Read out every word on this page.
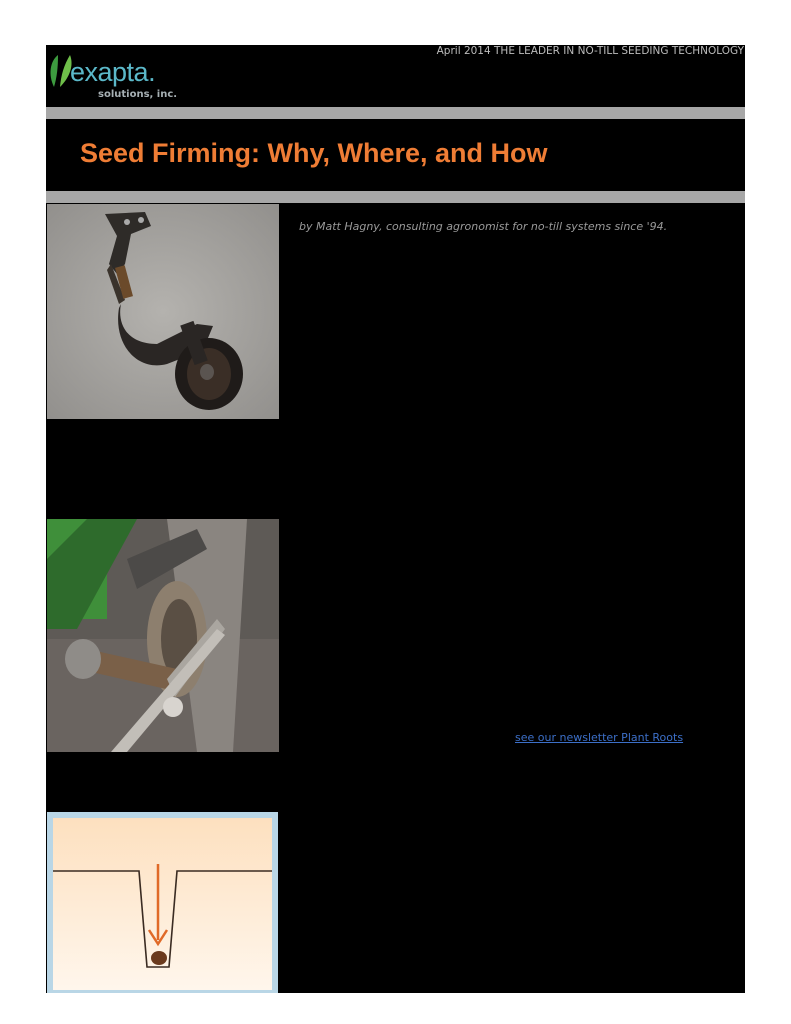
exapta.
solutions, inc.
April 2014 THE LEADER IN NO-TILL SEEDING TECHNOLOGY
Seed Firming: Why, Where, and How
by Matt Hagny, consulting agronomist for no-till systems since '94.
see our newsletter Plant Roots
